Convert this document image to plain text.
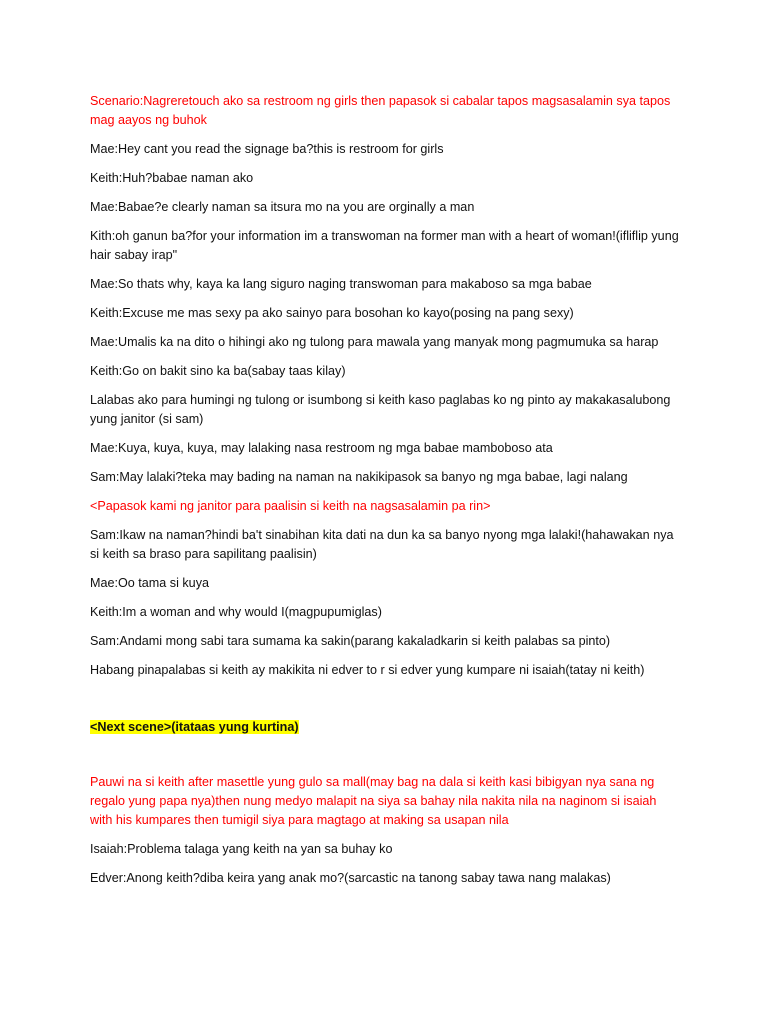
Scenario:Nagreretouch ako sa restroom ng girls then papasok si cabalar tapos magsasalamin sya tapos mag aayos ng buhok

Mae:Hey cant you read the signage ba?this is restroom for girls

Keith:Huh?babae naman ako

Mae:Babae?e clearly naman sa itsura mo na you are orginally a man

Kith:oh ganun ba?for your information im a transwoman na former man with a heart of woman!(ifliflip yung hair sabay irap"

Mae:So thats why, kaya ka lang siguro naging transwoman para makaboso sa mga babae

Keith:Excuse me mas sexy pa ako sainyo para bosohan ko kayo(posing na pang sexy)

Mae:Umalis ka na dito o hihingi ako ng tulong para mawala yang manyak mong pagmumuka sa harap

Keith:Go on bakit sino ka ba(sabay taas kilay)

Lalabas ako para humingi ng tulong or isumbong si keith kaso paglabas ko ng pinto ay makakasalubong yung janitor (si sam)

Mae:Kuya, kuya, kuya, may lalaking nasa restroom ng mga babae mamboboso ata

Sam:May lalaki?teka may bading na naman na nakikipasok sa banyo ng mga babae, lagi nalang

<Papasok kami ng janitor para paalisin si keith na nagsasalamin pa rin>

Sam:Ikaw na naman?hindi ba't sinabihan kita dati na dun ka sa banyo nyong mga lalaki!(hahawakan nya si keith sa braso para sapilitang paalisin)

Mae:Oo tama si kuya

Keith:Im a woman and why would I(magpupumiglas)

Sam:Andami mong sabi tara sumama ka sakin(parang kakaladkarin si keith palabas sa pinto)

Habang pinapalabas si keith ay makikita ni edver to r si edver yung kumpare ni isaiah(tatay ni keith)

<Next scene>(itataas yung kurtina)

Pauwi na si keith after masettle yung gulo sa mall(may bag na dala si keith kasi bibigyan nya sana ng regalo yung papa nya)then nung medyo malapit na siya sa bahay nila nakita nila na naginom si isaiah with his kumpares then tumigil siya para magtago at making sa usapan nila

Isaiah:Problema talaga yang keith na yan sa buhay ko

Edver:Anong keith?diba keira yang anak mo?(sarcastic na tanong sabay tawa nang malakas)
